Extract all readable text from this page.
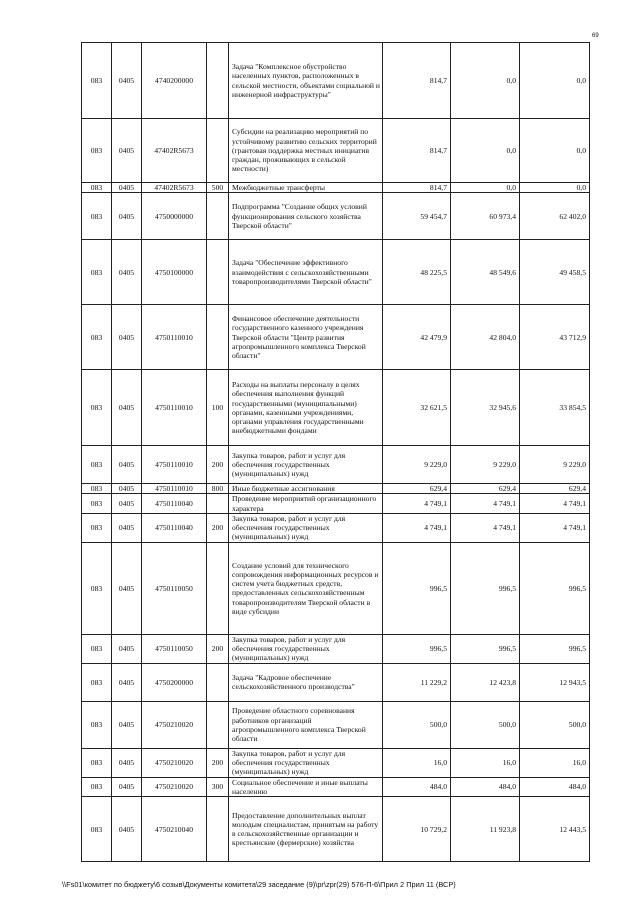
69
083	0405	4740200000		Задача "Комплексное обустройство населенных пунктов, расположенных в сельской местности, объектами социальной и инженерной инфраструктуры"	814,7	0,0	0,0
083	0405	47402R5673		Субсидии на реализацию мероприятий по устойчивому развитию сельских территорий (грантовая поддержка местных инициатив граждан, проживающих в сельской местности)	814,7	0,0	0,0
083	0405	47402R5673	500	Межбюджетные трансферты	814,7	0,0	0,0
083	0405	4750000000		Подпрограмма "Создание общих условий функционирования сельского хозяйства Тверской области"	59 454,7	60 973,4	62 402,0
083	0405	4750100000		Задача "Обеспечение эффективного взаимодействия с сельскохозяйственными товаропроизводителями Тверской области"	48 225,5	48 549,6	49 458,5
083	0405	4750110010		Финансовое обеспечение деятельности государственного казенного учреждения Тверской области "Центр развития агропромышленного комплекса Тверской области"	42 479,9	42 804,0	43 712,9
083	0405	4750110010	100	Расходы на выплаты персоналу в целях обеспечения выполнения функций государственными (муниципальными) органами, казенными учреждениями, органами управления государственными внебюджетными фондами	32 621,5	32 945,6	33 854,5
083	0405	4750110010	200	Закупка товаров, работ и услуг для обеспечения государственных (муниципальных) нужд	9 229,0	9 229,0	9 229,0
083	0405	4750110010	800	Иные бюджетные ассигнования	629,4	629,4	629,4
083	0405	4750110040		Проведение мероприятий организационного характера	4 749,1	4 749,1	4 749,1
083	0405	4750110040	200	Закупка товаров, работ и услуг для обеспечения государственных (муниципальных) нужд	4 749,1	4 749,1	4 749,1
083	0405	4750110050		Создание условий для технического сопровождения информационных ресурсов и систем учета бюджетных средств, предоставленных сельскохозяйственным товаропроизводителям Тверской области в виде субсидии	996,5	996,5	996,5
083	0405	4750110050	200	Закупка товаров, работ и услуг для обеспечения государственных (муниципальных) нужд	996,5	996,5	996,5
083	0405	4750200000		Задача "Кадровое обеспечение сельскохозяйственного производства"	11 229,2	12 423,8	12 943,5
083	0405	4750210020		Проведение областного соревнования работников организаций агропромышленного комплекса Тверской области	500,0	500,0	500,0
083	0405	4750210020	200	Закупка товаров, работ и услуг для обеспечения государственных (муниципальных) нужд	16,0	16,0	16,0
083	0405	4750210020	300	Социальное обеспечение и иные выплаты населению	484,0	484,0	484,0
083	0405	4750210040		Предоставление дополнительных выплат молодым специалистам, принятым на работу в сельскохозяйственные организации и крестьянские (фермерские) хозяйства	10 729,2	11 923,8	12 443,5
\\Fs01\комитет по бюджету\6 созыв\Документы комитета\29 заседание (9)\pr\zpr(29) 576-П-6\Прил 2 Прил 11 (ВСР)
